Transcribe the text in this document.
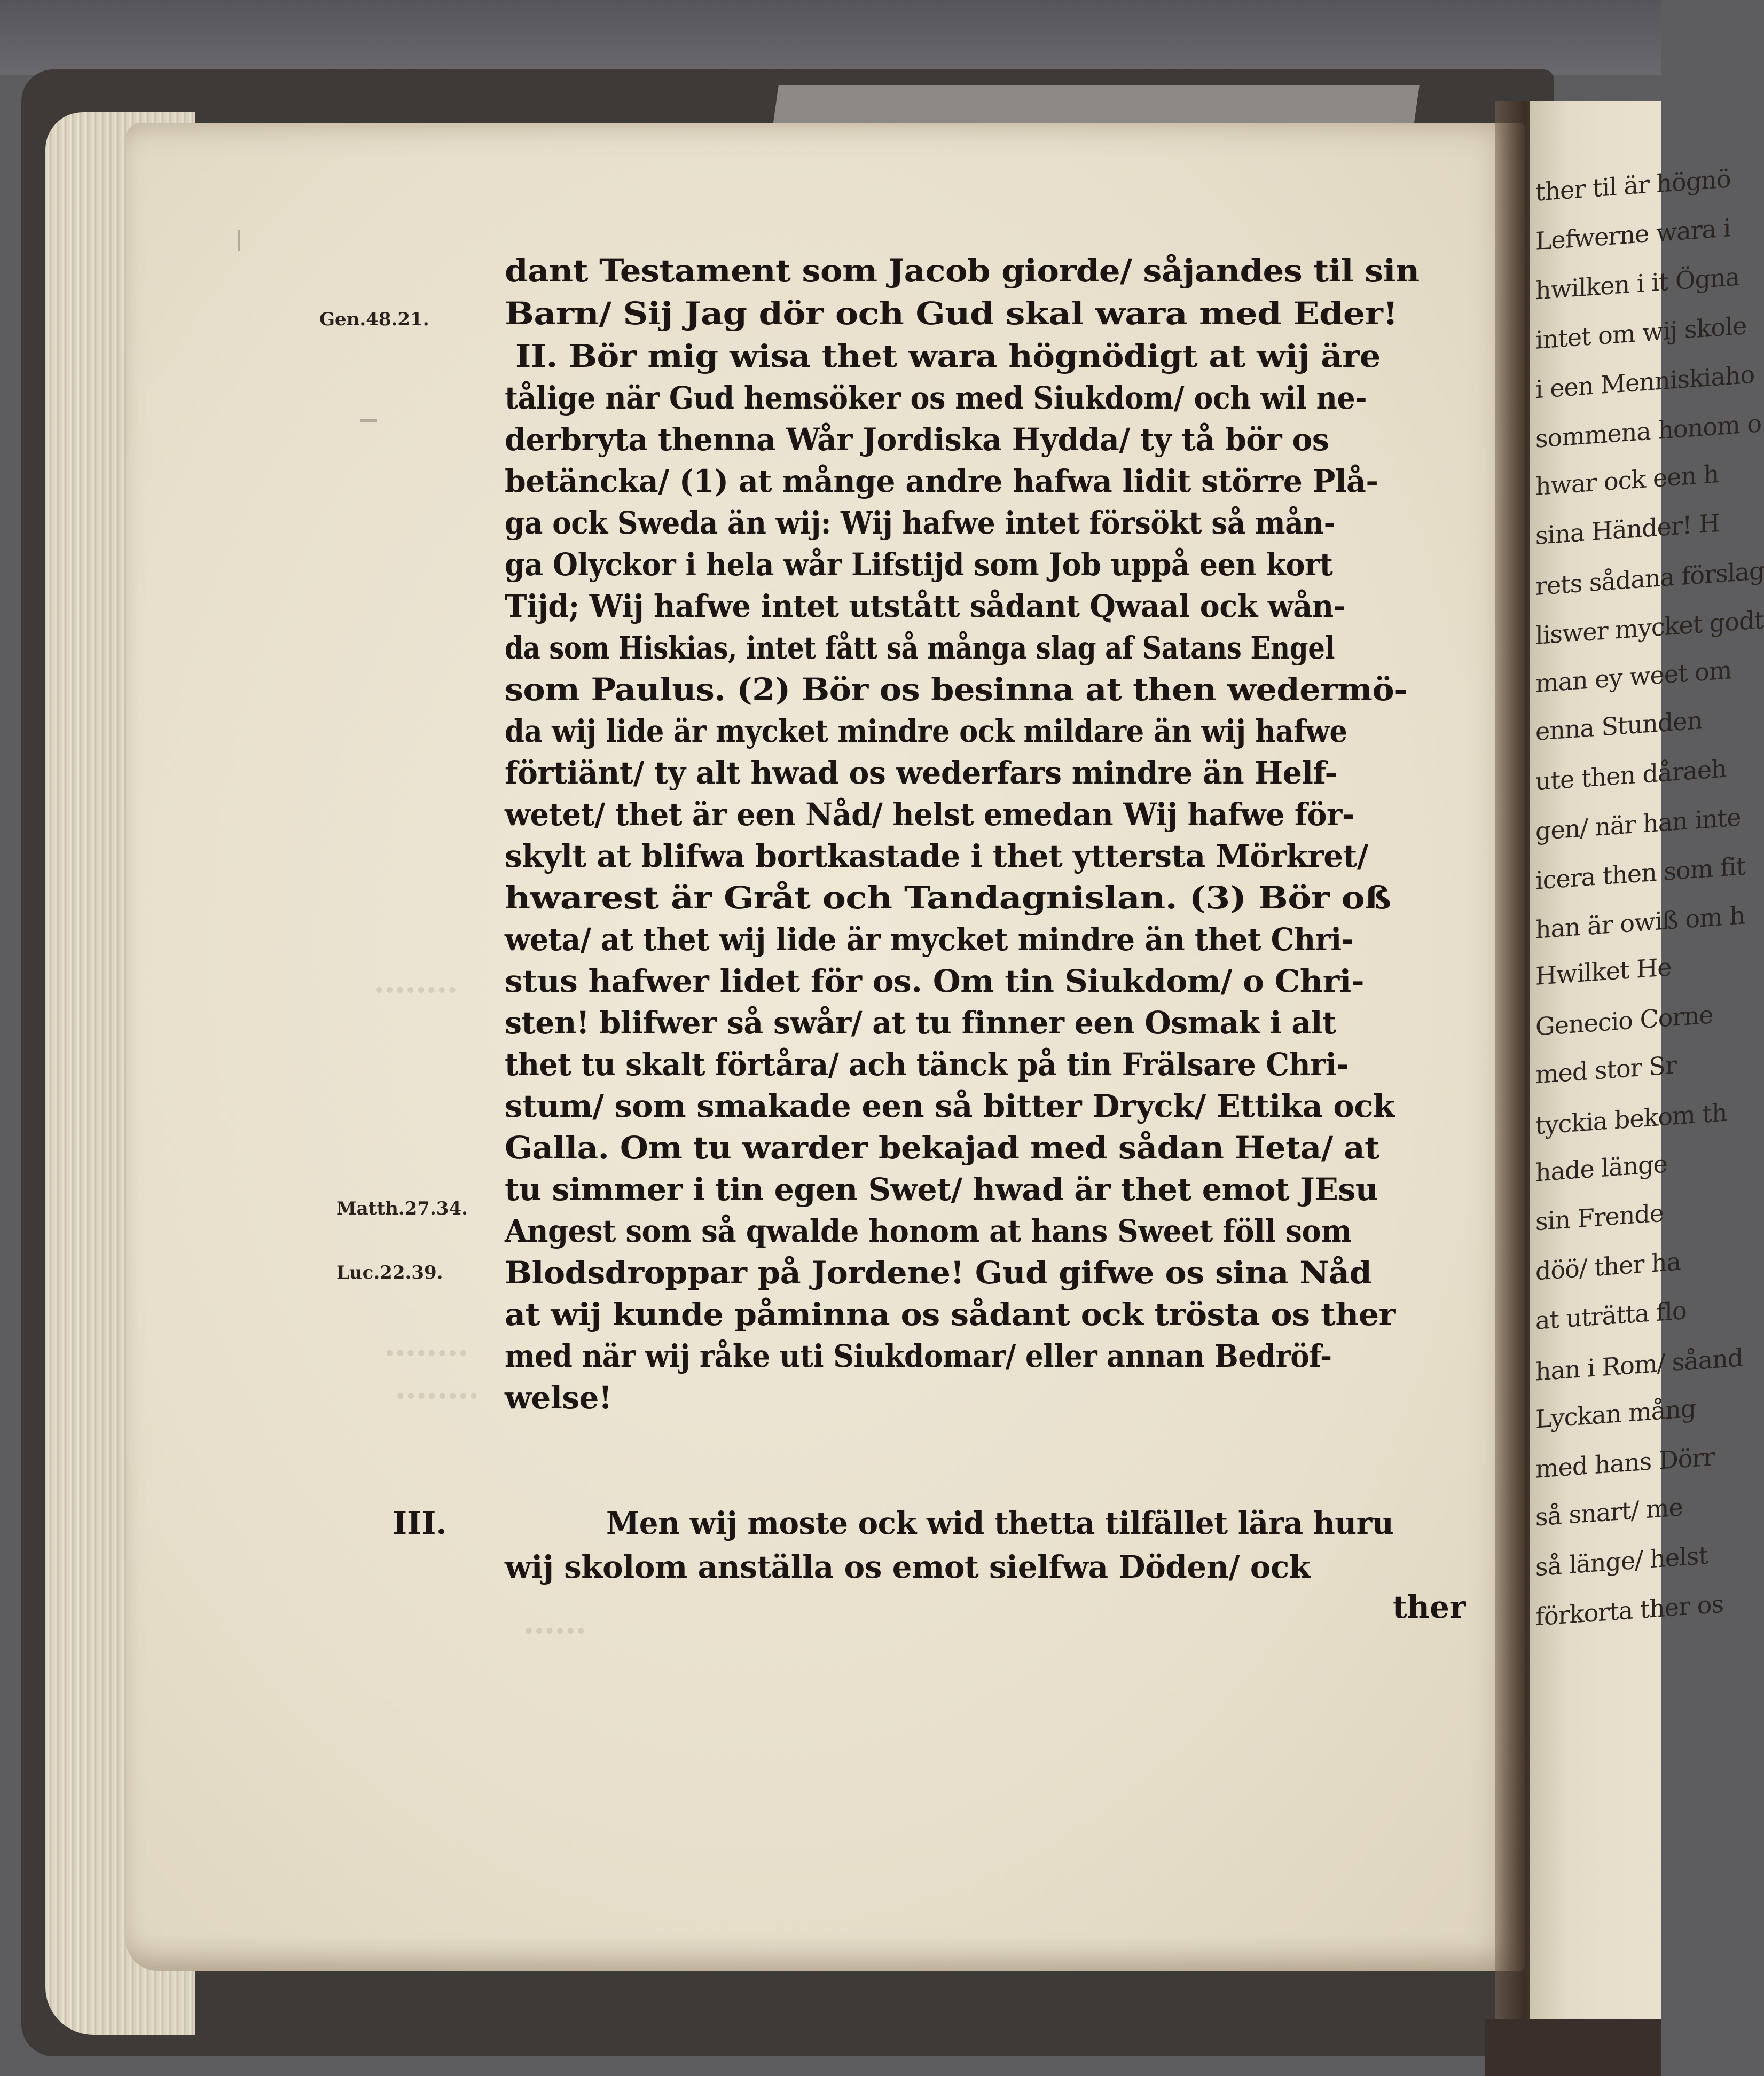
∙∙∙∙∙∙∙∙
∙∙∙∙∙∙∙∙
∙∙∙∙∙∙∙∙
∙∙∙∙∙∙
ther til är högnö
Lefwerne wara i
hwilken i it Ögna
intet om wij skole
i een Menniskiaho
sommena honom o
hwar ock een h
sina Händer! H
rets sådana förslag
liswer mycket godt
man ey weet om
enna Stunden
ute then dåraeh
gen/ när han inte
icera then som fit
han är owiß om h
Hwilket He
Genecio Corne
med stor Sr
tyckia bekom th
hade länge
sin Frende
döö/ ther ha
at uträtta flo
han i Rom/ såand
Lyckan mång
med hans Dörr
så snart/ me
så länge/ helst
förkorta ther os
Gen.48.21.
Matth.27.34.
Luc.22.39.
III.
dant Testament som Jacob giorde/ såjandes til sin
Barn/ Sij Jag dör och Gud skal wara med Eder!
II. Bör mig wisa thet wara högnödigt at wij äre
tålige när Gud hemsöker os med Siukdom/ och wil ne-
derbryta thenna Wår Jordiska Hydda/ ty tå bör os
betäncka/ (1) at månge andre hafwa lidit större Plå-
ga ock Sweda än wij: Wij hafwe intet försökt så mån-
ga Olyckor i hela wår Lifstijd som Job uppå een kort
Tijd; Wij hafwe intet utstått sådant Qwaal ock wån-
da som Hiskias, intet fått så många slag af Satans Engel
som Paulus. (2) Bör os besinna at then wedermö-
da wij lide är mycket mindre ock mildare än wij hafwe
förtiänt/ ty alt hwad os wederfars mindre än Helf-
wetet/ thet är een Nåd/ helst emedan Wij hafwe för-
skylt at blifwa bortkastade i thet yttersta Mörkret/
hwarest är Gråt och Tandagnislan. (3) Bör oß
weta/ at thet wij lide är mycket mindre än thet Chri-
stus hafwer lidet för os. Om tin Siukdom/ o Chri-
sten! blifwer så swår/ at tu finner een Osmak i alt
thet tu skalt förtåra/ ach tänck på tin Frälsare Chri-
stum/ som smakade een så bitter Dryck/ Ettika ock
Galla. Om tu warder bekajad med sådan Heta/ at
tu simmer i tin egen Swet/ hwad är thet emot JEsu
Angest som så qwalde honom at hans Sweet föll som
Blodsdroppar på Jordene! Gud gifwe os sina Nåd
at wij kunde påminna os sådant ock trösta os ther
med när wij råke uti Siukdomar/ eller annan Bedröf-
welse!
Men wij moste ock wid thetta tilfället lära huru
wij skolom anställa os emot sielfwa Döden/ ock
ther
